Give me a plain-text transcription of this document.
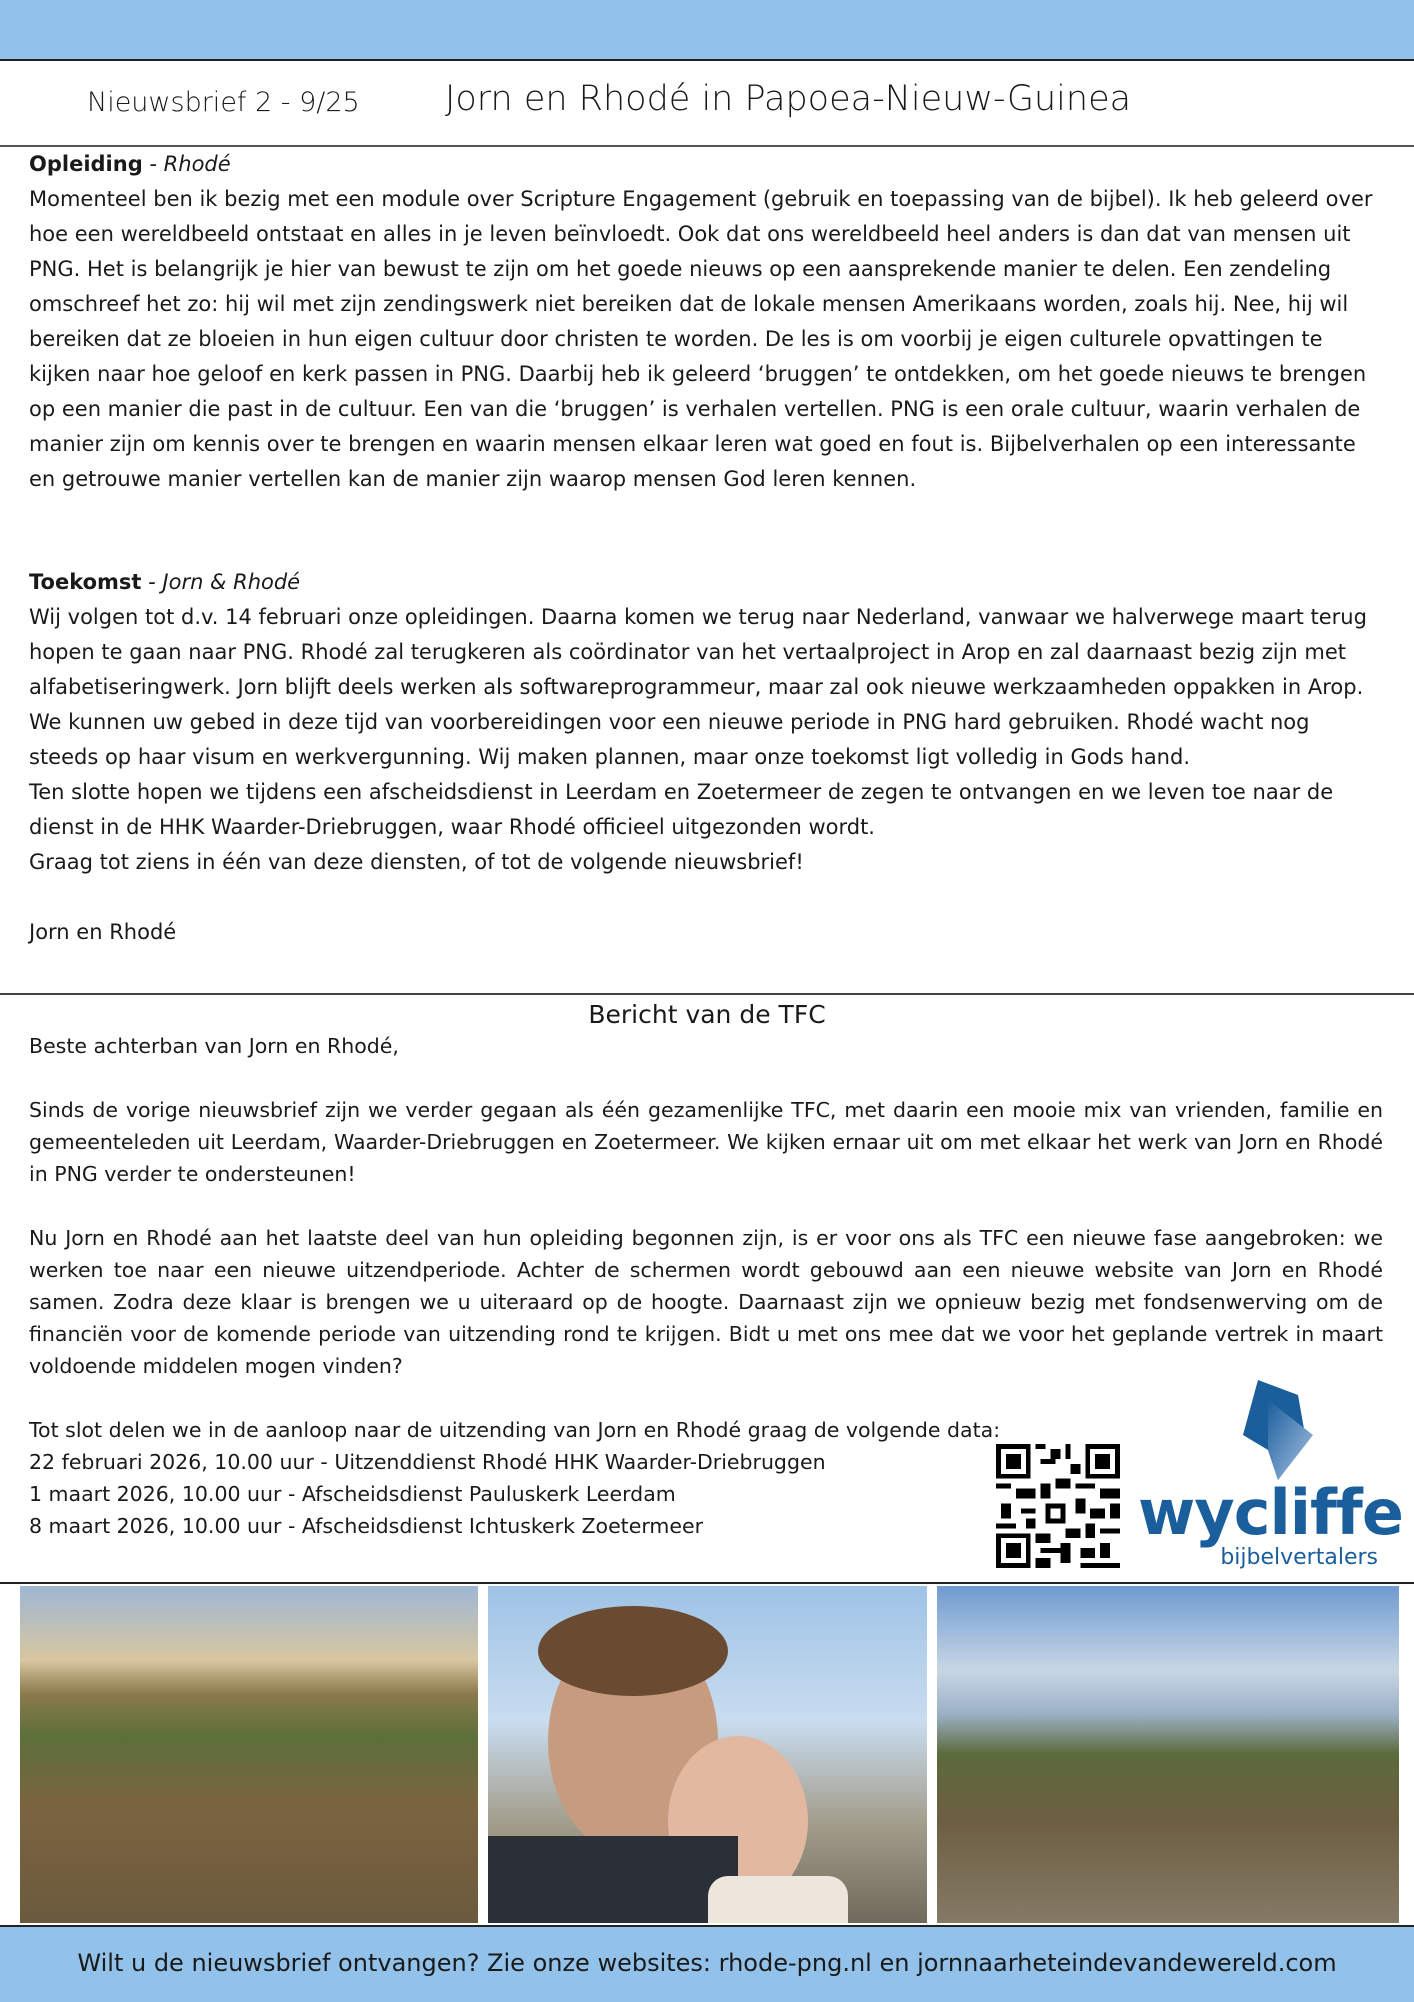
Nieuwsbrief 2 - 9/25 Jorn en Rhodé in Papoea-Nieuw-Guinea

Opleiding - Rhodé

Momenteel ben ik bezig met een module over Scripture Engagement (gebruik en toepassing van de bijbel). Ik heb geleerd over hoe een wereldbeeld ontstaat en alles in je leven beïnvloedt. Ook dat ons wereldbeeld heel anders is dan dat van mensen uit PNG. Het is belangrijk je hier van bewust te zijn om het goede nieuws op een aansprekende manier te delen. Een zendeling omschreef het zo: hij wil met zijn zendingswerk niet bereiken dat de lokale mensen Amerikaans worden, zoals hij. Nee, hij wil bereiken dat ze bloeien in hun eigen cultuur door christen te worden. De les is om voorbij je eigen culturele opvattingen te kijken naar hoe geloof en kerk passen in PNG. Daarbij heb ik geleerd ‘bruggen’ te ontdekken, om het goede nieuws te brengen op een manier die past in de cultuur. Een van die ‘bruggen’ is verhalen vertellen. PNG is een orale cultuur, waarin verhalen de manier zijn om kennis over te brengen en waarin mensen elkaar leren wat goed en fout is. Bijbelverhalen op een interessante en getrouwe manier vertellen kan de manier zijn waarop mensen God leren kennen.

Toekomst - Jorn & Rhodé

Wij volgen tot d.v. 14 februari onze opleidingen. Daarna komen we terug naar Nederland, vanwaar we halverwege maart terug hopen te gaan naar PNG. Rhodé zal terugkeren als coördinator van het vertaalproject in Arop en zal daarnaast bezig zijn met alfabetiseringwerk. Jorn blijft deels werken als softwareprogrammeur, maar zal ook nieuwe werkzaamheden oppakken in Arop. We kunnen uw gebed in deze tijd van voorbereidingen voor een nieuwe periode in PNG hard gebruiken. Rhodé wacht nog steeds op haar visum en werkvergunning. Wij maken plannen, maar onze toekomst ligt volledig in Gods hand.

Ten slotte hopen we tijdens een afscheidsdienst in Leerdam en Zoetermeer de zegen te ontvangen en we leven toe naar de dienst in de HHK Waarder-Driebruggen, waar Rhodé officieel uitgezonden wordt.

Graag tot ziens in één van deze diensten, of tot de volgende nieuwsbrief!

Jorn en Rhodé

Bericht van de TFC

Beste achterban van Jorn en Rhodé,

Sinds de vorige nieuwsbrief zijn we verder gegaan als één gezamenlijke TFC, met daarin een mooie mix van vrienden, familie en gemeenteleden uit Leerdam, Waarder-Driebruggen en Zoetermeer. We kijken ernaar uit om met elkaar het werk van Jorn en Rhodé in PNG verder te ondersteunen!

Nu Jorn en Rhodé aan het laatste deel van hun opleiding begonnen zijn, is er voor ons als TFC een nieuwe fase aangebroken: we werken toe naar een nieuwe uitzendperiode. Achter de schermen wordt gebouwd aan een nieuwe website van Jorn en Rhodé samen. Zodra deze klaar is brengen we u uiteraard op de hoogte. Daarnaast zijn we opnieuw bezig met fondsenwerving om de financiën voor de komende periode van uitzending rond te krijgen. Bidt u met ons mee dat we voor het geplande vertrek in maart voldoende middelen mogen vinden?

Tot slot delen we in de aanloop naar de uitzending van Jorn en Rhodé graag de volgende data:

22 februari 2026, 10.00 uur - Uitzenddienst Rhodé HHK Waarder-Driebruggen

1 maart 2026, 10.00 uur - Afscheidsdienst Pauluskerk Leerdam

8 maart 2026, 10.00 uur - Afscheidsdienst Ichtuskerk Zoetermeer	wycliffe
bijbelvertalers
Wilt u de nieuwsbrief ontvangen? Zie onze websites: rhode-png.nl en jornnaarheteindevandewereld.com
